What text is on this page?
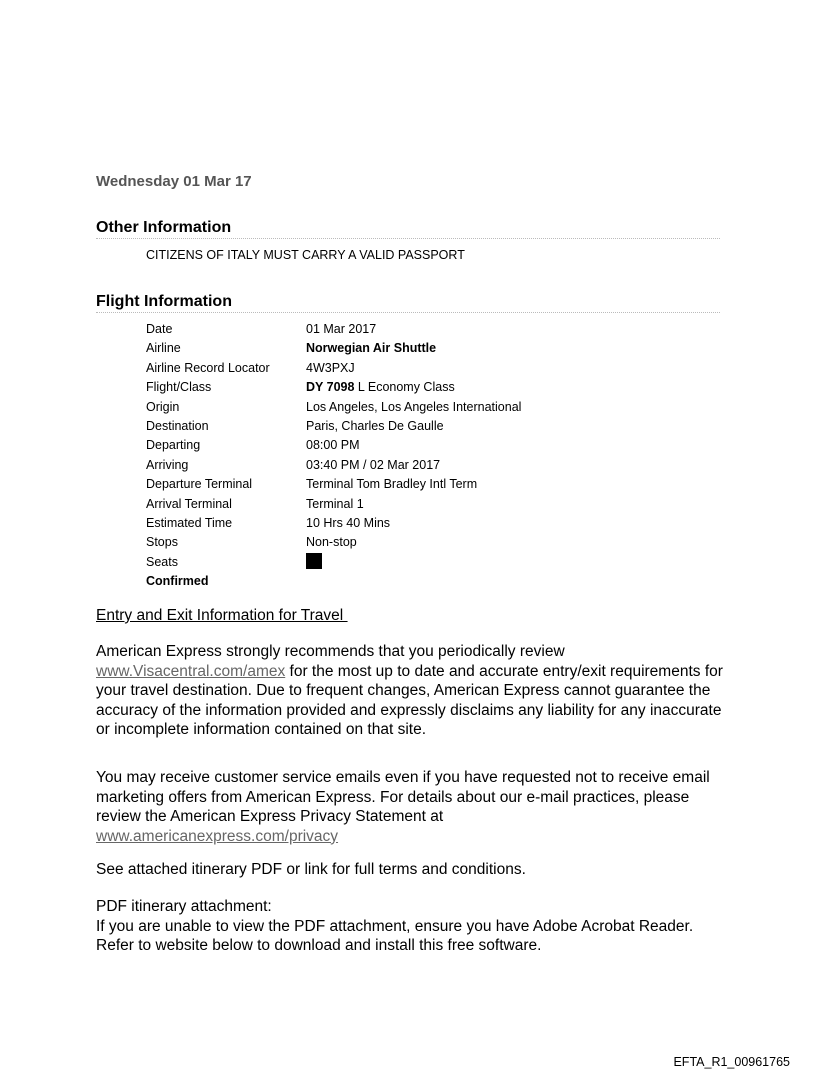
Wednesday 01 Mar 17
Other Information
CITIZENS OF ITALY MUST CARRY A VALID PASSPORT
Flight Information
Date	01 Mar 2017
Airline	Norwegian Air Shuttle
Airline Record Locator	4W3PXJ
Flight/Class	DY 7098 L Economy Class
Origin	Los Angeles, Los Angeles International
Destination	Paris, Charles De Gaulle
Departing	08:00 PM
Arriving	03:40 PM / 02 Mar 2017
Departure Terminal	Terminal Tom Bradley Intl Term
Arrival Terminal	Terminal 1
Estimated Time	10 Hrs 40 Mins
Stops	Non-stop
Seats
Confirmed
Entry and Exit Information for Travel
American Express strongly recommends that you periodically review www.Visacentral.com/amex for the most up to date and accurate entry/exit requirements for your travel destination. Due to frequent changes, American Express cannot guarantee the accuracy of the information provided and expressly disclaims any liability for any inaccurate or incomplete information contained on that site.
You may receive customer service emails even if you have requested not to receive email marketing offers from American Express. For details about our e-mail practices, please review the American Express Privacy Statement at
www.americanexpress.com/privacy
See attached itinerary PDF or link for full terms and conditions.
PDF itinerary attachment:
If you are unable to view the PDF attachment, ensure you have Adobe Acrobat Reader. Refer to website below to download and install this free software.
EFTA_R1_00961765
